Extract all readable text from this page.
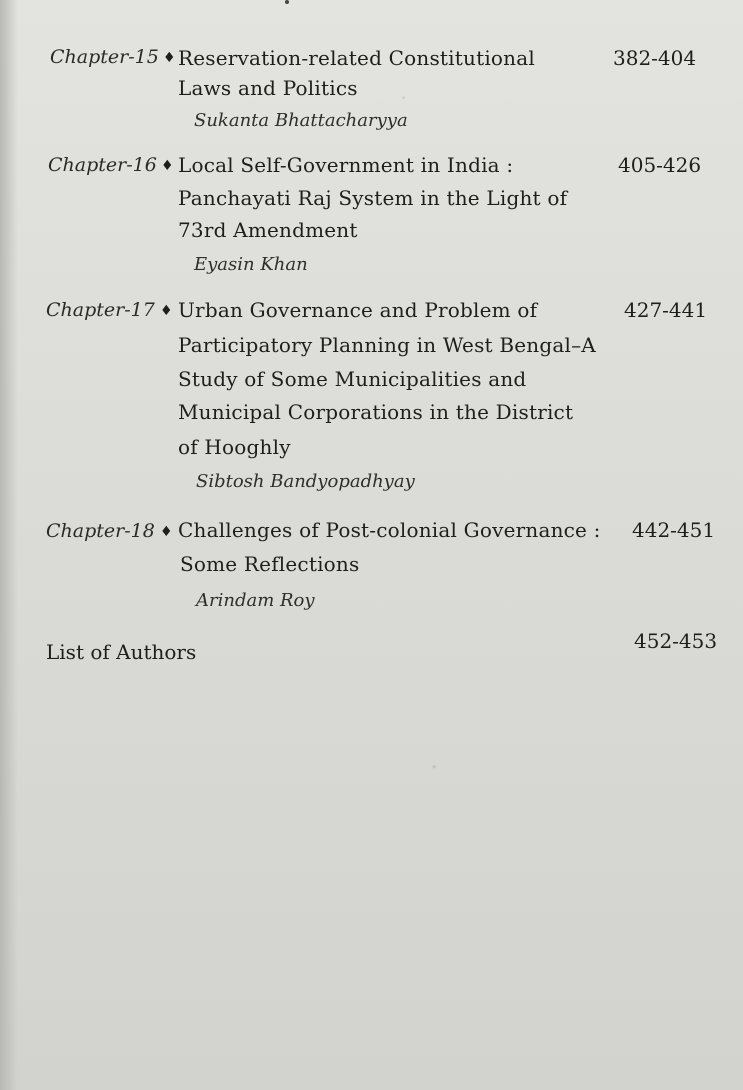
.
.
Chapter-15 ♦ Reservation-related Constitutional
Laws and Politics
382-404
Sukanta Bhattacharyya
Chapter-16 ♦ Local Self-Government in India :
Panchayati Raj System in the Light of
73rd Amendment
405-426
Eyasin Khan
Chapter-17 ♦ Urban Governance and Problem of
Participatory Planning in West Bengal–A
Study of Some Municipalities and
Municipal Corporations in the District
of Hooghly
427-441
Sibtosh Bandyopadhyay
Chapter-18 ♦ Challenges of Post-colonial Governance :
Some Reflections
442-451
Arindam Roy
List of Authors	452-453
